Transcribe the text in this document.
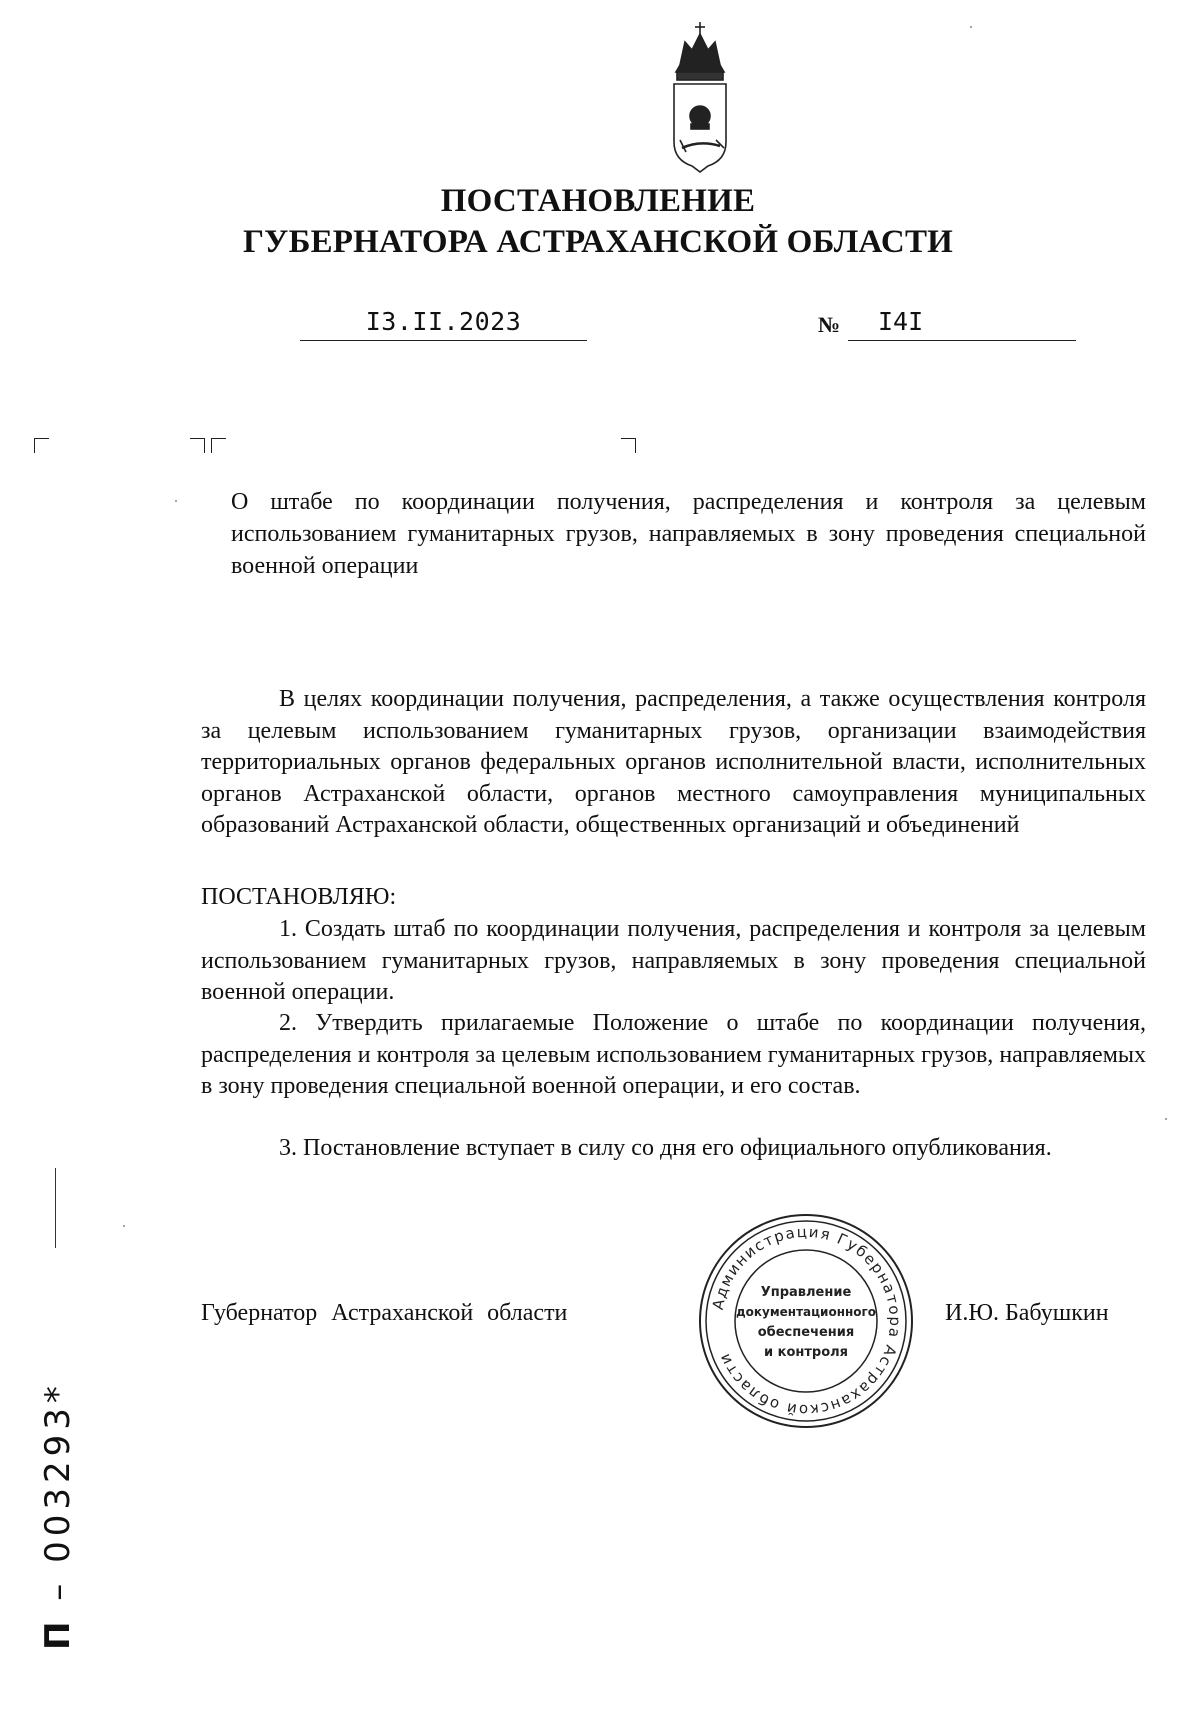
ПОСТАНОВЛЕНИЕ
ГУБЕРНАТОРА АСТРАХАНСКОЙ ОБЛАСТИ
I3.II.2023	№ I4I
О штабе по координации получения, распределения и контроля за целевым использованием гуманитарных грузов, направляемых в зону проведения специальной военной операции
В целях координации получения, распределения, а также осуществления контроля за целевым использованием гуманитарных грузов, организации взаимодействия территориальных органов федеральных органов исполнительной власти, исполнительных органов Астраханской области, органов местного самоуправления муниципальных образований Астраханской области, общественных организаций и объединений
ПОСТАНОВЛЯЮ:
1. Создать штаб по координации получения, распределения и контроля за целевым использованием гуманитарных грузов, направляемых в зону проведения специальной военной операции.
2. Утвердить прилагаемые Положение о штабе по координации получения, распределения и контроля за целевым использованием гуманитарных грузов, направляемых в зону проведения специальной военной операции, и его состав.
3. Постановление вступает в силу со дня его официального опубликования.
Губернатор Астраханской области	И.Ю. Бабушкин
Администрация Губернатора Астраханской области
Управление
документационного
обеспечения
и контроля
П – 003293*
